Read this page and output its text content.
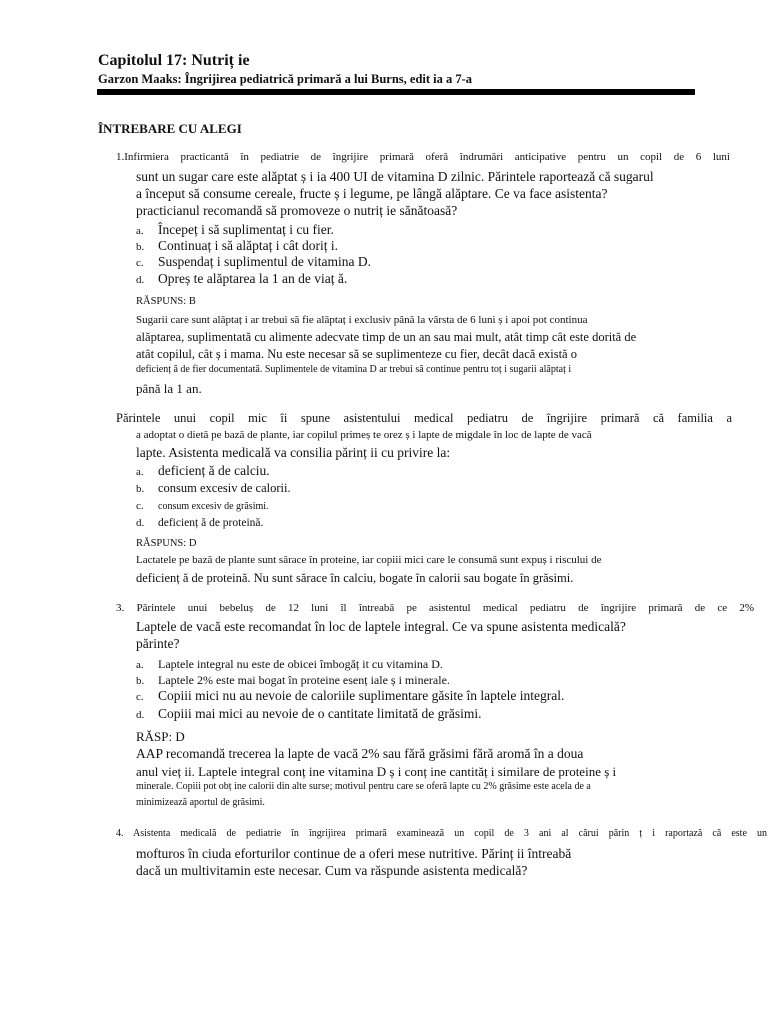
Capitolul 17: Nutriț ie
Garzon Maaks: Îngrijirea pediatrică primară a lui Burns, edit ia a 7-a
ÎNTREBARE CU ALEGI
1.Infirmiera practicantă în pediatrie de îngrijire primară oferă îndrumări anticipative pentru un copil de 6 luni
sunt un sugar care este alăptat ș i ia 400 UI de vitamina D zilnic. Părintele raportează că sugarul
a început să consume cereale, fructe ș i legume, pe lângă alăptare. Ce va face asistenta?
practicianul recomandă să promoveze o nutriț ie sănătoasă?
a. Începeț i să suplimentaț i cu fier.
b. Continuaț i să alăptaț i cât doriț i.
c. Suspendaț i suplimentul de vitamina D.
d. Opreș te alăptarea la 1 an de viaț ă.
RĂSPUNS: B
Sugarii care sunt alăptaț i ar trebui să fie alăptaț i exclusiv până la vârsta de 6 luni ș i apoi pot continua
alăptarea, suplimentată cu alimente adecvate timp de un an sau mai mult, atât timp cât este dorită de
atât copilul, cât ș i mama. Nu este necesar să se suplimenteze cu fier, decât dacă există o
deficienț ă de fier documentată. Suplimentele de vitamina D ar trebui să continue pentru toț i sugarii alăptaț i
până la 1 an.
Părintele unui copil mic îi spune asistentului medical pediatru de îngrijire primară că familia a
a adoptat o dietă pe bază de plante, iar copilul primeș te orez ș i lapte de migdale în loc de lapte de vacă
lapte. Asistenta medicală va consilia părinț ii cu privire la:
a. deficienț ă de calciu.
b. consum excesiv de calorii.
c. consum excesiv de grăsimi.
d. deficienț ă de proteină.
RĂSPUNS: D
Lactatele pe bază de plante sunt sărace în proteine, iar copiii mici care le consumă sunt expuș i riscului de
deficienț ă de proteină. Nu sunt sărace în calciu, bogate în calorii sau bogate în grăsimi.
3. Părintele unui bebeluș de 12 luni îl întreabă pe asistentul medical pediatru de îngrijire primară de ce 2%
Laptele de vacă este recomandat în loc de laptele integral. Ce va spune asistenta medicală?
părinte?
a. Laptele integral nu este de obicei îmbogăț it cu vitamina D.
b. Laptele 2% este mai bogat în proteine esenț iale ș i minerale.
c. Copiii mici nu au nevoie de caloriile suplimentare găsite în laptele integral.
d. Copiii mai mici au nevoie de o cantitate limitată de grăsimi.
RĂSP: D
AAP recomandă trecerea la lapte de vacă 2% sau fără grăsimi fără aromă în a doua
anul vieț ii. Laptele integral conț ine vitamina D ș i conț ine cantităț i similare de proteine ș i
minerale. Copiii pot obț ine calorii din alte surse; motivul pentru care se oferă lapte cu 2% grăsime este acela de a
minimizează aportul de grăsimi.
4. Asistenta medicală de pediatrie în îngrijirea primară examinează un copil de 3 ani al cărui părin ț i raportază că este un
mofturos în ciuda eforturilor continue de a oferi mese nutritive. Părinț ii întreabă
dacă un multivitamin este necesar. Cum va răspunde asistenta medicală?
